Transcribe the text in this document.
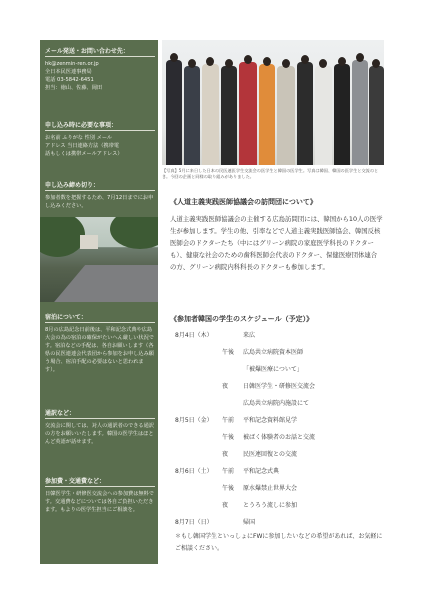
メール発送・お問い合わせ先：
hk@zenmin-ren.or.jp
全日本民医連事務局
電話 03-5842-6451
担当：徳山、佐藤、岡田
申し込み時に必要な事項：
お名前 ふりがな 性別 メール
アドレス 当日連絡方法（携帯電
話もしくは携帯メールアドレス）
申し込み締め切り：
参加者数を把握するため、7月12日までにお申し込みください。
宿泊について：
8月の広島記念日前後は、平和記念式典や広島大会の為の宿泊の確保がたいへん厳しい状況です。宿泊などの手配は、各自お願いします（各県の民医連連会代表団から参加をお申し込み願う場合、宿泊手配の必要はないと思われます）。
通訳など：
交流会に関しては、対人の通訳者のできる通訳の方をお願いいたします。韓国の医学生はほとんど英語が話せます。
参加費・交通費など：
日韓医学生・研修医交流会への参加費は無料です。交通費などについては各自ご負担いただきます。もよりの医学生担当にご相談を。
【写真】5月に来日した日本の民医連医学生交流会の医学生と韓国の医学生。写真は韓国、韓国の医学生と交流のとき。今回の企画と同様の取り組みがありました。
《人道主義実践医師協議会の訪問団について》
人道主義実践医師協議会の主催する広島訪問団には、韓国から10人の医学生が参加します。学生の他、引率などで人道主義実践医師協会、韓国反核医師会のドクターたち（中にはグリーン病院の家庭医学科長のドクターも）、健康な社会のための歯科医師会代表のドクター、保健医療団体連合の方、グリーン病院内科科長のドクターも参加します。
《参加者韓国の学生のスケジュール（予定）》
8月4日（木）	来広
午後 広島共立病院資本医師
「被爆医療について」
夜 日韓医学生・研修医交流会
広島共立病院内施設にて
8月5日（金） 午前 平和記念資料館見学
午後 被ばく体験者のお話と交流
夜 民医連回復との交流
8月6日（土） 午前 平和記念式典
午後 原水爆禁止世界大会
夜 とうろう流しに参加
8月7日（日）	帰国
＊もし韓国学生といっしょにFWに参加したいなどの希望があれば、お気軽にご相談ください。
